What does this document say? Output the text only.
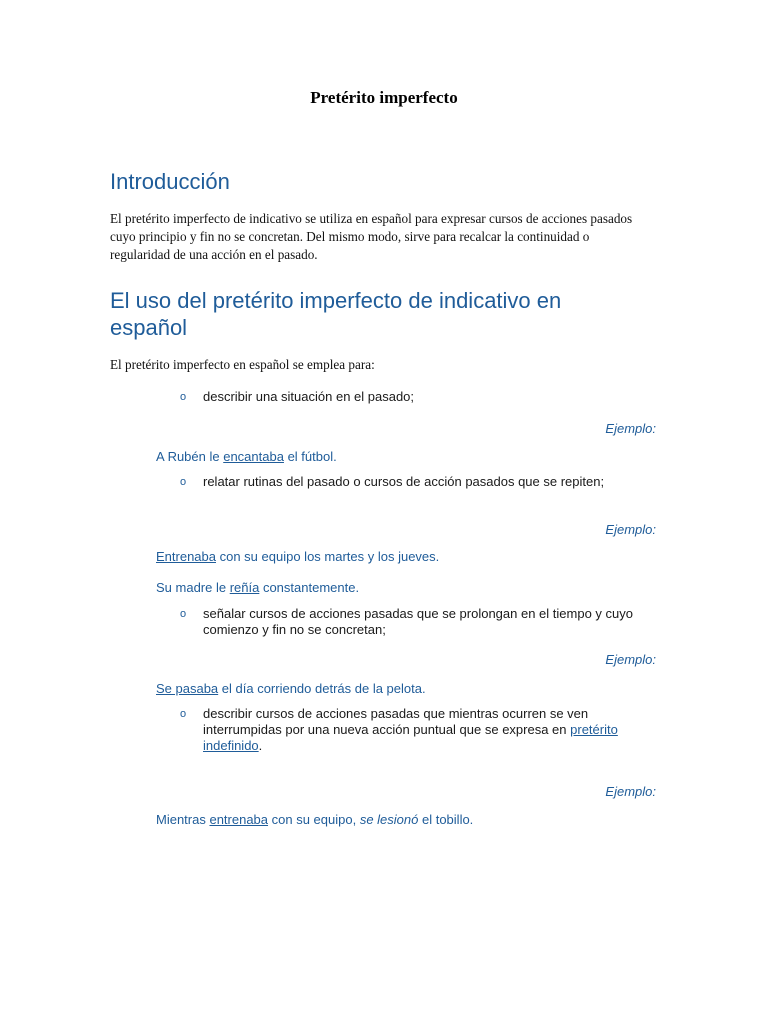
Pretérito imperfecto
Introducción
El pretérito imperfecto de indicativo se utiliza en español para expresar cursos de acciones pasados cuyo principio y fin no se concretan. Del mismo modo, sirve para recalcar la continuidad o regularidad de una acción en el pasado.
El uso del pretérito imperfecto de indicativo en
español
El pretérito imperfecto en español se emplea para:
o describir una situación en el pasado;
Ejemplo:
A Rubén le encantaba el fútbol.
o relatar rutinas del pasado o cursos de acción pasados que se repiten;
Ejemplo:
Entrenaba con su equipo los martes y los jueves.
Su madre le reñía constantemente.
o señalar cursos de acciones pasadas que se prolongan en el tiempo y cuyo comienzo y fin no se concretan;
Ejemplo:
Se pasaba el día corriendo detrás de la pelota.
o describir cursos de acciones pasadas que mientras ocurren se ven interrumpidas por una nueva acción puntual que se expresa en pretérito indefinido.
Ejemplo:
Mientras entrenaba con su equipo, se lesionó el tobillo.
